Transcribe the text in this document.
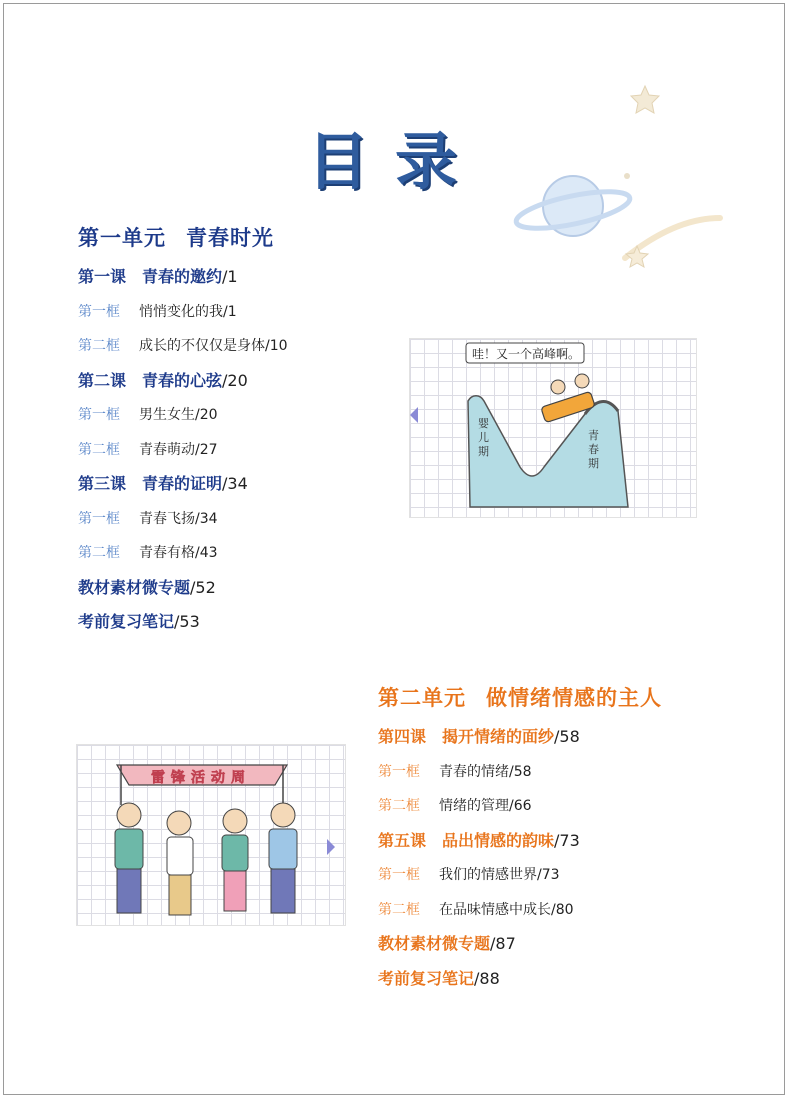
目录
第一单元 青春时光
第一课 青春的邀约/1
第一框 悄悄变化的我/1
第二框 成长的不仅仅是身体/10
第二课 青春的心弦/20
第一框 男生女生/20
第二框 青春萌动/27
第三课 青春的证明/34
第一框 青春飞扬/34
第二框 青春有格/43
教材素材微专题/52
考前复习笔记/53
哇！又一个高峰啊。
婴儿期
青春期
雷锋活动周
第二单元 做情绪情感的主人
第四课 揭开情绪的面纱/58
第一框 青春的情绪/58
第二框 情绪的管理/66
第五课 品出情感的韵味/73
第一框 我们的情感世界/73
第二框 在品味情感中成长/80
教材素材微专题/87
考前复习笔记/88
